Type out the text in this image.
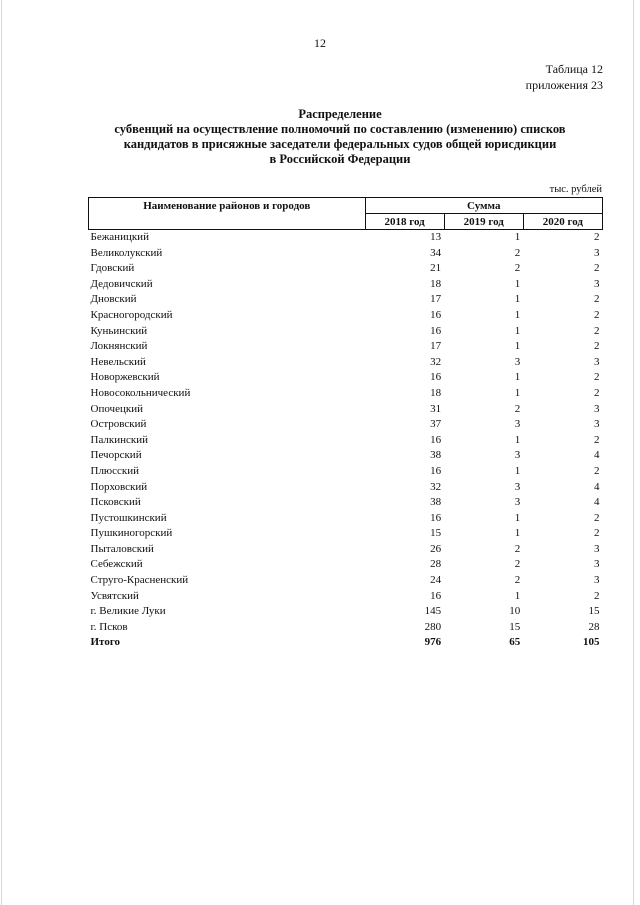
12
Таблица 12
приложения 23
Распределение
субвенций на осуществление полномочий по составлению (изменению) списков
кандидатов в присяжные заседатели федеральных судов общей юрисдикции
в Российской Федерации
тыс. рублей
Наименование районов и городов	Сумма		
	2018 год	2019 год	2020 год
Бежаницкий	13	1	2
Великолукский	34	2	3
Гдовский	21	2	2
Дедовичский	18	1	3
Дновский	17	1	2
Красногородский	16	1	2
Куньинский	16	1	2
Локнянский	17	1	2
Невельский	32	3	3
Новоржевский	16	1	2
Новосокольнический	18	1	2
Опочецкий	31	2	3
Островский	37	3	3
Палкинский	16	1	2
Печорский	38	3	4
Плюсский	16	1	2
Порховский	32	3	4
Псковский	38	3	4
Пустошкинский	16	1	2
Пушкиногорский	15	1	2
Пыталовский	26	2	3
Себежский	28	2	3
Струго-Красненский	24	2	3
Усвятский	16	1	2
г. Великие Луки	145	10	15
г. Псков	280	15	28
Итого	976	65	105
